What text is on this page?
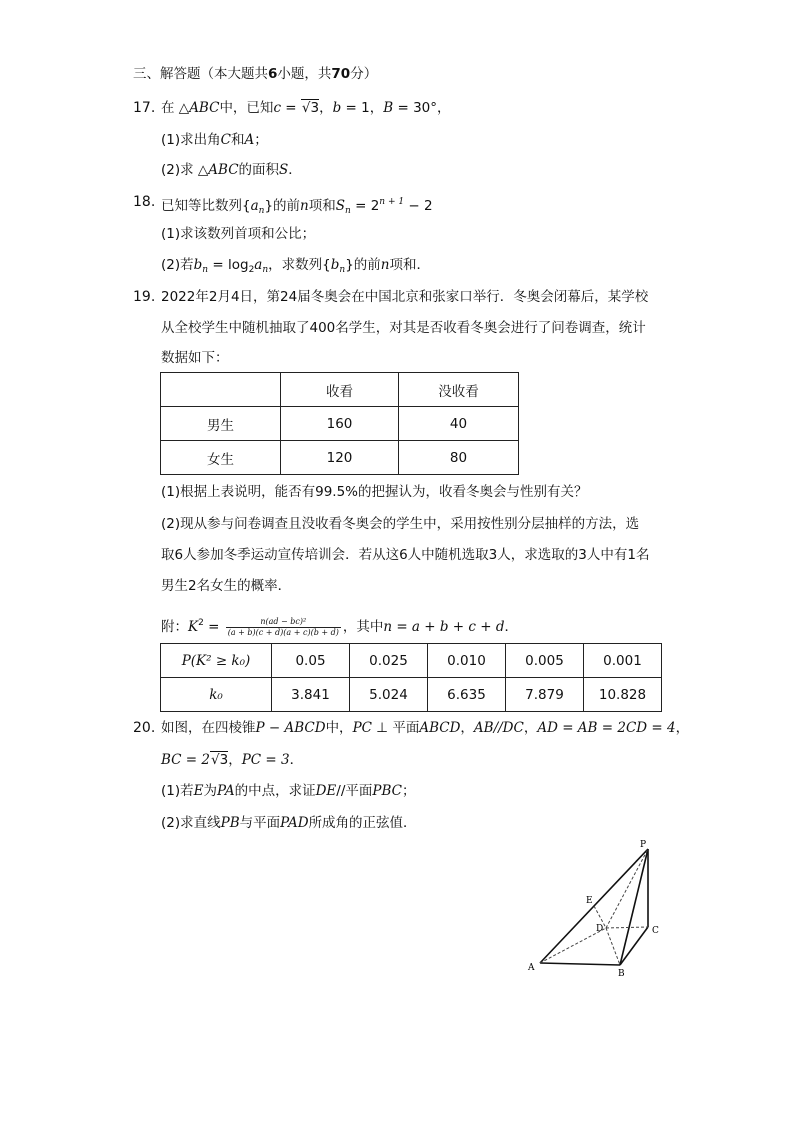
三、解答题（本大题共6小题，共70分）
17. 在 △ABC中，已知c = √3，b = 1，B = 30°，
(1)求出角C和A；
(2)求 △ABC的面积S．
18. 已知等比数列$\{a_n\}$的前n项和$S_n = 2^{n + 1} - 2$
(1)求该数列首项和公比；
(2)若$b_n = \log_2a_n$，求数列$\{b_n\}$的前n项和．
19. 2022年2月4日，第24届冬奥会在中国北京和张家口举行．冬奥会闭幕后，某学校
从全校学生中随机抽取了400名学生，对其是否收看冬奥会进行了问卷调查，统计
数据如下：
	收看	没收看
男生	160	40
女生	120	80
(1)根据上表说明，能否有99.5%的把握认为，收看冬奥会与性别有关？
(2)现从参与问卷调查且没收看冬奥会的学生中，采用按性别分层抽样的方法，选
取6人参加冬季运动宣传培训会．若从这6人中随机选取3人，求选取的3人中有1名
男生2名女生的概率．
附：$K^2 = \frac{\text{n(ad − bc)²}}{(a + b)(c + d)(a + c)(b + d)}$ ，其中n = a + b + c + d．
P(K² ≥ k₀)	0.05	0.025	0.010	0.005	0.001
k₀	3.841	5.024	6.635	7.879	10.828
20. 如图，在四棱锥P − ABCD中，PC ⊥ 平面ABCD，AB//DC，AD = AB = 2CD = 4，
BC = 2√3，PC = 3．
(1)若E为PA的中点，求证DE//平面PBC；
(2)求直线PB与平面PAD所成角的正弦值．
P
E
D	C
A
B
